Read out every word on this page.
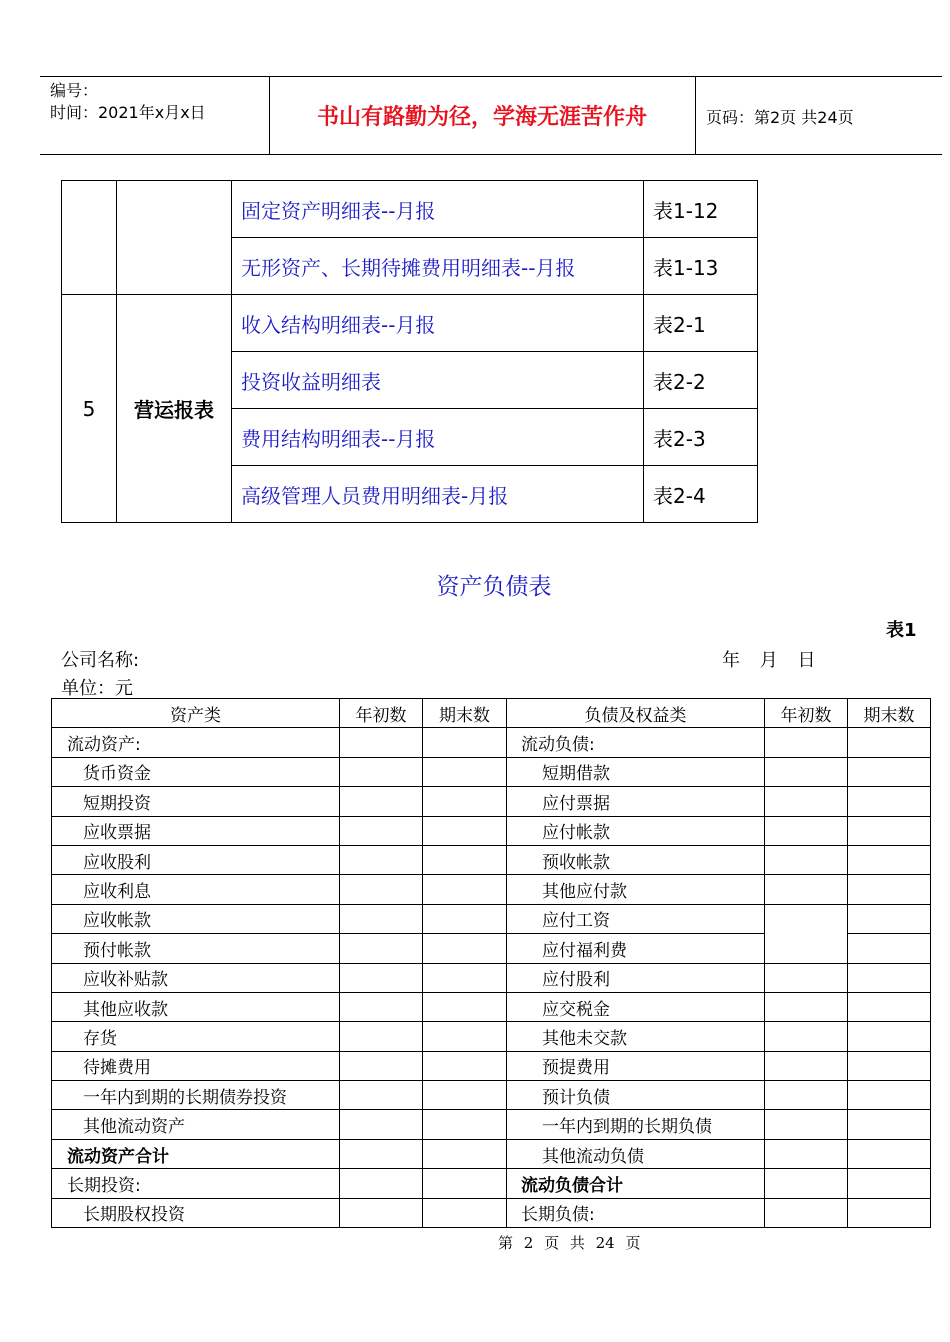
编号：
时间：2021年x月x日	书山有路勤为径，学海无涯苦作舟	页码：第2页 共24页
		固定资产明细表--月报	表1-12
		无形资产、长期待摊费用明细表--月报	表1-13
5	营运报表	收入结构明细表--月报	表2-1
		投资收益明细表	表2-2
		费用结构明细表--月报	表2-3
		高级管理人员费用明细表-月报	表2-4
资产负债表
表1
公司名称:	年 月 日
单位：元
资产类	年初数	期末数	负债及权益类	年初数	期末数
流动资产:			流动负债:		
货币资金			短期借款		
短期投资			应付票据		
应收票据			应付帐款		
应收股利			预收帐款		
应收利息			其他应付款		
应收帐款			应付工资		
预付帐款			应付福利费		
应收补贴款			应付股利		
其他应收款			应交税金		
存货			其他未交款		
待摊费用			预提费用		
一年内到期的长期债券投资			预计负债		
其他流动资产			一年内到期的长期负债		
流动资产合计			其他流动负债		
长期投资:			流动负债合计		
长期股权投资			长期负债:		
第 2 页 共 24 页
